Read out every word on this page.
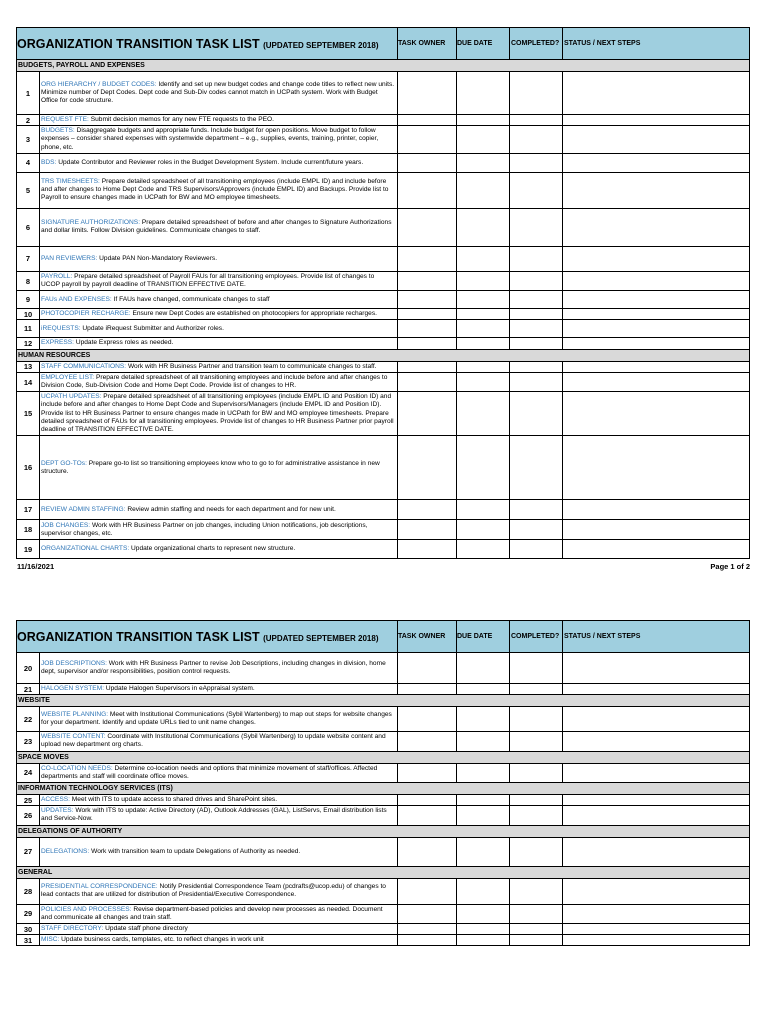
ORGANIZATION TRANSITION TASK LIST (UPDATED SEPTEMBER 2018)		TASK OWNER	DUE DATE	COMPLETED?	STATUS / NEXT STEPS
BUDGETS, PAYROLL AND EXPENSES					
1	ORG HIERARCHY / BUDGET CODES: Identify and set up new budget codes and change code titles to reflect new units. Minimize number of Dept Codes. Dept code and Sub-Div codes cannot match in UCPath system. Work with Budget Office for code structure.				
2	REQUEST FTE: Submit decision memos for any new FTE requests to the PEO.				
3	BUDGETS: Disaggregate budgets and appropriate funds. Include budget for open positions. Move budget to follow expenses – consider shared expenses with systemwide department – e.g., supplies, events, training, printer, copier, phone, etc.				
4	BDS: Update Contributor and Reviewer roles in the Budget Development System. Include current/future years.				
5	TRS TIMESHEETS: Prepare detailed spreadsheet of all transitioning employees (include EMPL ID) and include before and after changes to Home Dept Code and TRS Supervisors/Approvers (include EMPL ID) and Backups. Provide list to Payroll to ensure changes made in UCPath for BW and MO employee timesheets.				
6	SIGNATURE AUTHORIZATIONS: Prepare detailed spreadsheet of before and after changes to Signature Authorizations and dollar limits. Follow Division guidelines. Communicate changes to staff.				
7	PAN REVIEWERS: Update PAN Non-Mandatory Reviewers.				
8	PAYROLL: Prepare detailed spreadsheet of Payroll FAUs for all transitioning employees. Provide list of changes to UCOP payroll by payroll deadline of TRANSITION EFFECTIVE DATE.				
9	FAUs AND EXPENSES: If FAUs have changed, communicate changes to staff				
10	PHOTOCOPIER RECHARGE: Ensure new Dept Codes are established on photocopiers for appropriate recharges.				
11	iREQUESTS: Update iRequest Submitter and Authorizer roles.				
12	EXPRESS: Update Express roles as needed.				
HUMAN RESOURCES					
13	STAFF COMMUNICATIONS: Work with HR Business Partner and transition team to communicate changes to staff.				
14	EMPLOYEE LIST: Prepare detailed spreadsheet of all transitioning employees and include before and after changes to Division Code, Sub-Division Code and Home Dept Code. Provide list of changes to HR.				
15	UCPATH UPDATES: Prepare detailed spreadsheet of all transitioning employees (include EMPL ID and Position ID) and include before and after changes to Home Dept Code and Supervisors/Managers (include EMPL ID and Position ID). Provide list to HR Business Partner to ensure changes made in UCPath for BW and MO employee timesheets. Prepare detailed spreadsheet of FAUs for all transitioning employees. Provide list of changes to HR Business Partner prior payroll deadline of TRANSITION EFFECTIVE DATE.				
16	DEPT GO-TOs: Prepare go-to list so transitioning employees know who to go to for administrative assistance in new structure.				
17	REVIEW ADMIN STAFFING: Review admin staffing and needs for each department and for new unit.				
18	JOB CHANGES: Work with HR Business Partner on job changes, including Union notifications, job descriptions, supervisor changes, etc.				
19	ORGANIZATIONAL CHARTS: Update organizational charts to represent new structure.				
11/16/2021	Page 1 of 2
ORGANIZATION TRANSITION TASK LIST (UPDATED SEPTEMBER 2018)		TASK OWNER	DUE DATE	COMPLETED?	STATUS / NEXT STEPS
20	JOB DESCRIPTIONS: Work with HR Business Partner to revise Job Descriptions, including changes in division, home dept, supervisor and/or responsibilities, position control requests.				
21	HALOGEN SYSTEM: Update Halogen Supervisors in eAppraisal system.				
WEBSITE					
22	WEBSITE PLANNING: Meet with Institutional Communications (Sybil Wartenberg) to map out steps for website changes for your department. Identify and update URLs tied to unit name changes.				
23	WEBSITE CONTENT: Coordinate with Institutional Communications (Sybil Wartenberg) to update website content and upload new department org charts.				
SPACE MOVES					
24	CO-LOCATION NEEDS: Determine co-location needs and options that minimize movement of staff/offices. Affected departments and staff will coordinate office moves.				
INFORMATION TECHNOLOGY SERVICES (ITS)					
25	ACCESS: Meet with ITS to update access to shared drives and SharePoint sites.				
26	UPDATES: Work with ITS to update: Active Directory (AD), Outlook Addresses (GAL), ListServs, Email distribution lists and Service-Now.				
DELEGATIONS OF AUTHORITY					
27	DELEGATIONS: Work with transition team to update Delegations of Authority as needed.				
GENERAL					
28	PRESIDENTIAL CORRESPONDENCE: Notify Presidential Correspondence Team (pcdrafts@ucop.edu) of changes to lead contacts that are utilized for distribution of Presidential/Executive Correspondence.				
29	POLICIES AND PROCESSES: Revise department-based policies and develop new processes as needed. Document and communicate all changes and train staff.				
30	STAFF DIRECTORY: Update staff phone directory				
31	MISC: Update business cards, templates, etc. to reflect changes in work unit				
